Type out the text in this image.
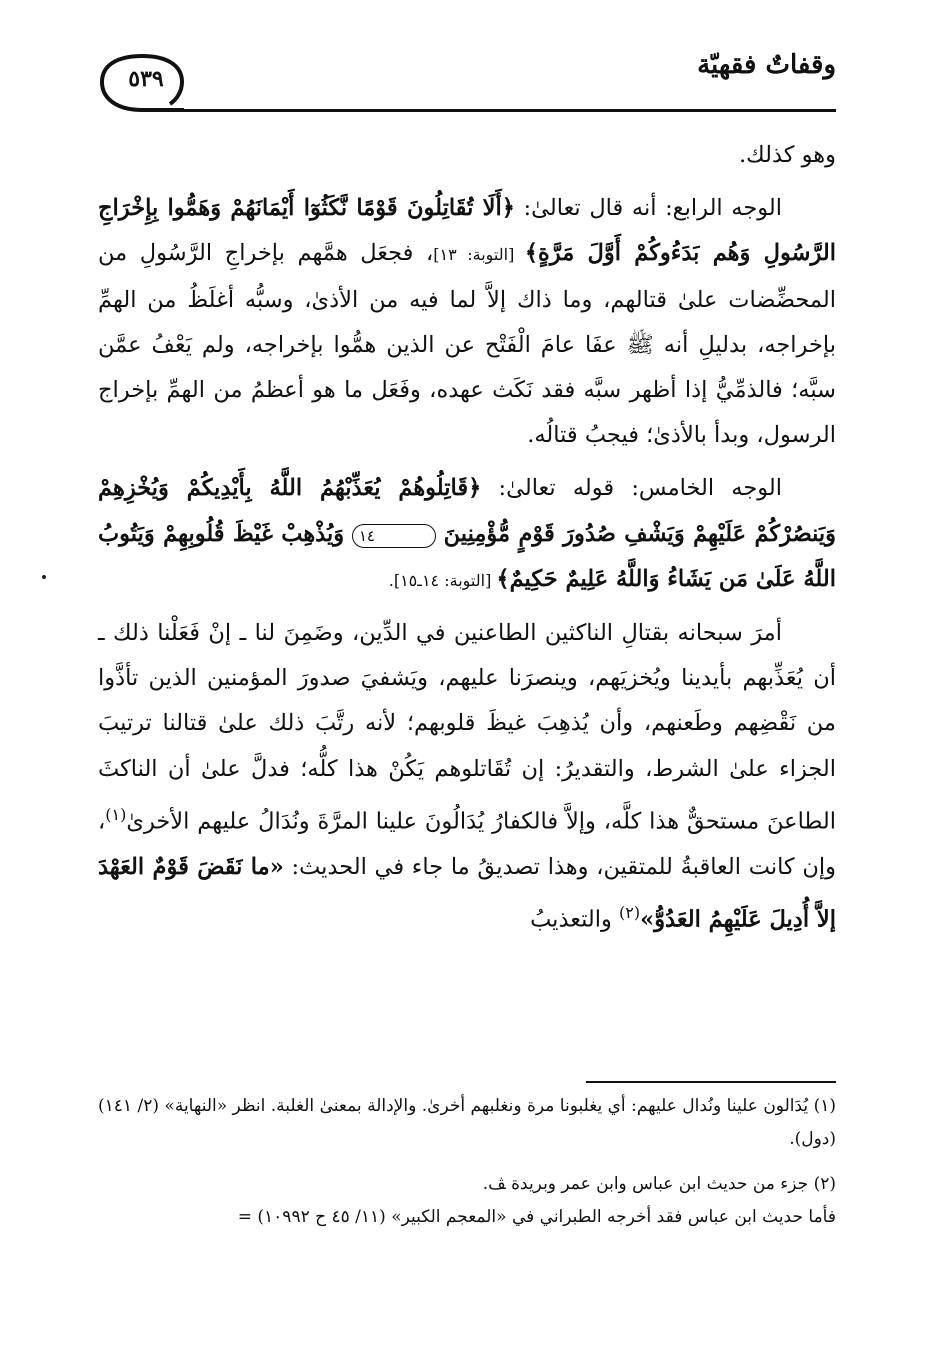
وقفاتٌ فقهيّة
٥٣٩

وهو كذلك.

الوجه الرابع: أنه قال تعالىٰ: ﴿أَلَا تُقَاتِلُونَ قَوْمًا نَّكَثُوٓا أَيْمَانَهُمْ وَهَمُّوا بِإِخْرَاجِ الرَّسُولِ وَهُم بَدَءُوكُمْ أَوَّلَ مَرَّةٍ﴾ [التوبة: ١٣]، فجعَل همَّهم بإخراجِ الرَّسُولِ من المحضِّضات علىٰ قتالهم، وما ذاك إلاَّ لما فيه من الأذىٰ، وسبُّه أغلَظُ من الهمِّ بإخراجه، بدليلِ أنه ﷺ عفَا عامَ الْفَتْح عن الذين همُّوا بإخراجه، ولم يَعْفُ عمَّن سبَّه؛ فالذمِّيُّ إذا أظهر سبَّه فقد نَكَث عهده، وفَعَل ما هو أعظمُ من الهمِّ بإخراج الرسول، وبدأ بالأذىٰ؛ فيجبُ قتالُه.

الوجه الخامس: قوله تعالىٰ: ﴿قَاتِلُوهُمْ يُعَذِّبْهُمُ اللَّهُ بِأَيْدِيكُمْ وَيُخْزِهِمْ وَيَنصُرْكُمْ عَلَيْهِمْ وَيَشْفِ صُدُورَ قَوْمٍ مُّؤْمِنِينَ ١٤ وَيُذْهِبْ غَيْظَ قُلُوبِهِمْ وَيَتُوبُ اللَّهُ عَلَىٰ مَن يَشَاءُ وَاللَّهُ عَلِيمٌ حَكِيمٌ﴾ [التوبة: ١٤ـ١٥].

أمرَ سبحانه بقتالِ الناكثين الطاعنين في الدِّين، وضَمِنَ لنا ـ إنْ فَعَلْنا ذلك ـ أن يُعَذِّبهم بأيدينا ويُخزيَهم، وينصرَنا عليهم، ويَشفيَ صدورَ المؤمنين الذين تأذَّوا من نَقْضِهم وطَعنهم، وأن يُذهِبَ غيظَ قلوبهم؛ لأنه رتَّبَ ذلك علىٰ قتالنا ترتيبَ الجزاء علىٰ الشرط، والتقديرُ: إن تُقَاتلوهم يَكُنْ هذا كلُّه؛ فدلَّ علىٰ أن الناكثَ الطاعنَ مستحقٌّ هذا كلَّه، وإلاَّ فالكفارُ يُدَالُونَ علينا المرَّةَ ونُدَالُ عليهم الأخرىٰ$^{(١)}$، وإن كانت العاقبةُ للمتقين، وهذا تصديقُ ما جاء في الحديث: «ما نَقَضَ قَوْمٌ العَهْدَ إلاَّ أُدِيلَ عَلَيْهِمُ العَدُوُّ»$^{(٢)}$ والتعذيبُ

(١) يُدَالون علينا ونُدال عليهم: أي يغلبونا مرة ونغلبهم أخرىٰ. والإدالة بمعنىٰ الغلبة. انظر «النهاية» (٢/ ١٤١) (دول).

(٢) جزء من حديث ابن عباس وابن عمر وبريدة ﭫ.

فأما حديث ابن عباس فقد أخرجه الطبراني في «المعجم الكبير» (١١/ ٤٥ ح ١٠٩٩٢) =
